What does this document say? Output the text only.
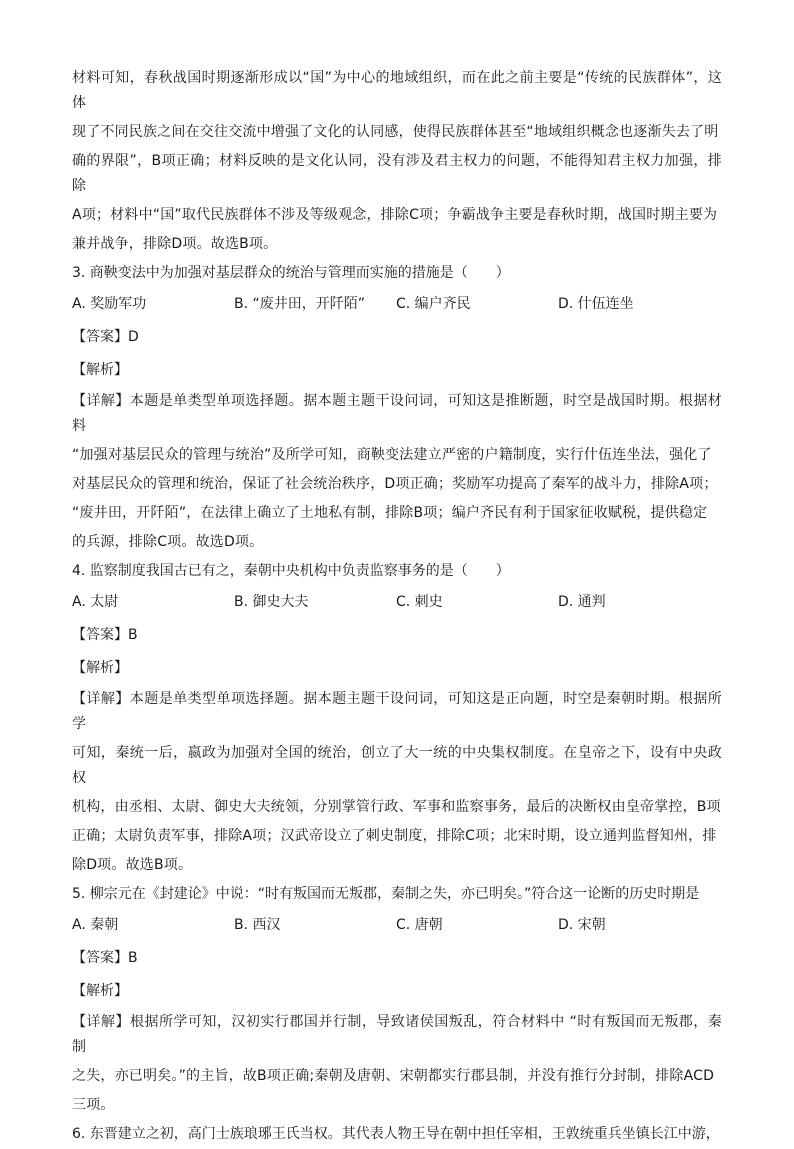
材料可知，春秋战国时期逐渐形成以“国”为中心的地域组织，而在此之前主要是“传统的民族群体”，这体

现了不同民族之间在交往交流中增强了文化的认同感，使得民族群体甚至“地域组织概念也逐渐失去了明

确的界限”，B项正确；材料反映的是文化认同，没有涉及君主权力的问题，不能得知君主权力加强，排除

A项；材料中“国”取代民族群体不涉及等级观念，排除C项；争霸战争主要是春秋时期，战国时期主要为

兼并战争，排除D项。故选B项。

3. 商鞅变法中为加强对基层群众的统治与管理而实施的措施是（　　）

A. 奖励军功	B. “废井田，开阡陌”	C. 编户齐民	D. 什伍连坐

【答案】D

【解析】

【详解】本题是单类型单项选择题。据本题主题干设问词，可知这是推断题，时空是战国时期。根据材料

“加强对基层民众的管理与统治”及所学可知，商鞅变法建立严密的户籍制度，实行什伍连坐法，强化了

对基层民众的管理和统治，保证了社会统治秩序，D项正确；奖励军功提高了秦军的战斗力，排除A项；

“废井田，开阡陌”，在法律上确立了土地私有制，排除B项；编户齐民有利于国家征收赋税，提供稳定

的兵源，排除C项。故选D项。

4. 监察制度我国古已有之，秦朝中央机构中负责监察事务的是（　　）

A. 太尉	B. 御史大夫	C. 刺史	D. 通判

【答案】B

【解析】

【详解】本题是单类型单项选择题。据本题主题干设问词，可知这是正向题，时空是秦朝时期。根据所学

可知，秦统一后，嬴政为加强对全国的统治，创立了大一统的中央集权制度。在皇帝之下，设有中央政权

机构，由丞相、太尉、御史大夫统领，分别掌管行政、军事和监察事务，最后的决断权由皇帝掌控，B项

正确；太尉负责军事，排除A项；汉武帝设立了刺史制度，排除C项；北宋时期，设立通判监督知州，排

除D项。故选B项。

5. 柳宗元在《封建论》中说：“时有叛国而无叛郡，秦制之失，亦已明矣。”符合这一论断的历史时期是

A. 秦朝	B. 西汉	C. 唐朝	D. 宋朝

【答案】B

【解析】

【详解】根据所学可知，汉初实行郡国并行制，导致诸侯国叛乱，符合材料中 “时有叛国而无叛郡，秦制

之失，亦已明矣。”的主旨，故B项正确;秦朝及唐朝、宋朝都实行郡县制，并没有推行分封制，排除ACD

三项。

6. 东晋建立之初，高门士族琅琊王氏当权。其代表人物王导在朝中担任宰相，王敦统重兵坐镇长江中游，
